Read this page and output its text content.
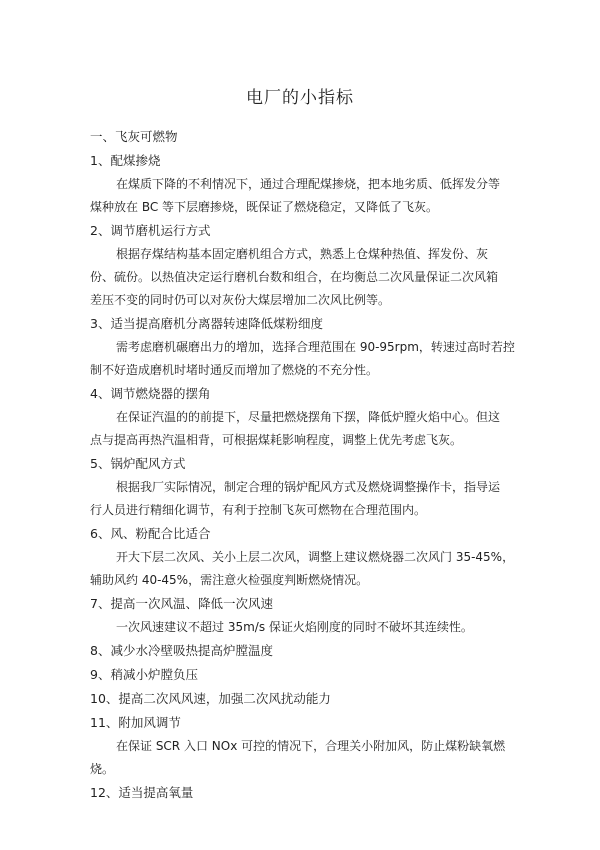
电厂的小指标
一、飞灰可燃物
1、配煤掺烧
在煤质下降的不利情况下，通过合理配煤掺烧，把本地劣质、低挥发分等
煤种放在 BC 等下层磨掺烧，既保证了燃烧稳定，又降低了飞灰。
2、调节磨机运行方式
根据存煤结构基本固定磨机组合方式，熟悉上仓煤种热值、挥发份、灰
份、硫份。以热值决定运行磨机台数和组合，在均衡总二次风量保证二次风箱
差压不变的同时仍可以对灰份大煤层增加二次风比例等。
3、适当提高磨机分离器转速降低煤粉细度
需考虑磨机碾磨出力的增加，选择合理范围在 90-95rpm，转速过高时若控
制不好造成磨机时堵时通反而增加了燃烧的不充分性。
4、调节燃烧器的摆角
在保证汽温的的前提下，尽量把燃烧摆角下摆，降低炉膛火焰中心。但这
点与提高再热汽温相背，可根据煤耗影响程度，调整上优先考虑飞灰。
5、锅炉配风方式
根据我厂实际情况，制定合理的锅炉配风方式及燃烧调整操作卡，指导运
行人员进行精细化调节，有利于控制飞灰可燃物在合理范围内。
6、风、粉配合比适合
开大下层二次风、关小上层二次风，调整上建议燃烧器二次风门 35-45%，
辅助风约 40-45%，需注意火检强度判断燃烧情况。
7、提高一次风温、降低一次风速
一次风速建议不超过 35m/s 保证火焰刚度的同时不破坏其连续性。
8、减少水冷壁吸热提高炉膛温度
9、稍减小炉膛负压
10、提高二次风风速，加强二次风扰动能力
11、附加风调节
在保证 SCR 入口 NOx 可控的情况下，合理关小附加风，防止煤粉缺氧燃
烧。
12、适当提高氧量
